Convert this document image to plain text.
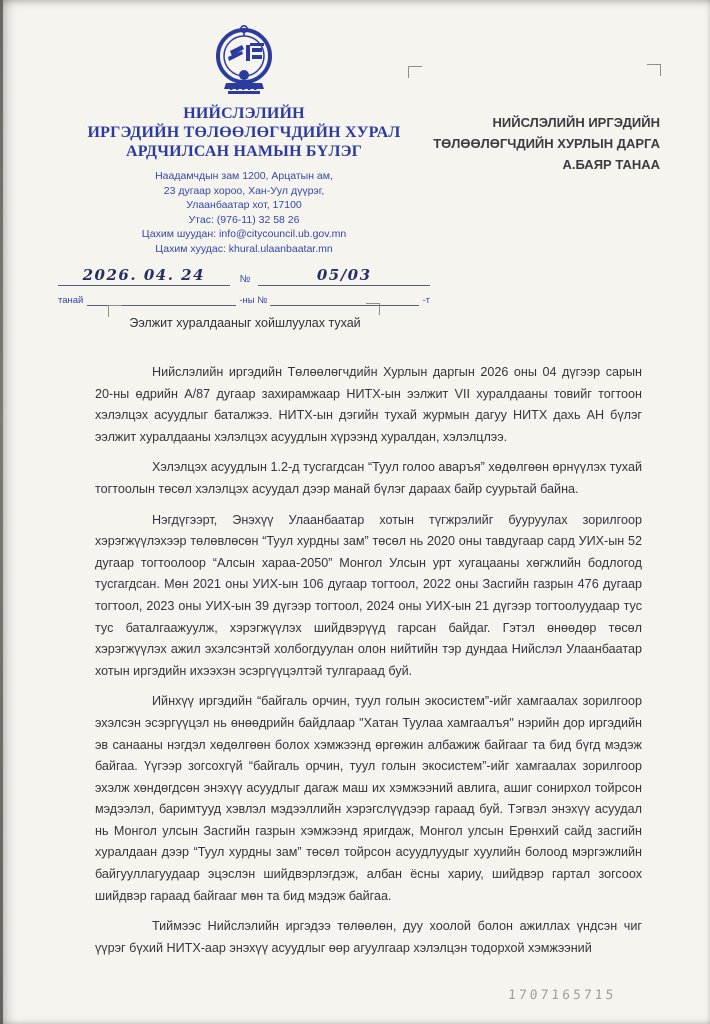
НИЙСЛЭЛИЙН
ИРГЭДИЙН ТӨЛӨӨЛӨГЧДИЙН ХУРАЛ
АРДЧИЛСАН НАМЫН БҮЛЭГ
Наадамчдын зам 1200, Арцатын ам,
23 дугаар хороо, Хан-Уул дүүрэг,
Улаанбаатар хот, 17100
Утас: (976-11) 32 58 26
Цахим шуудан: info@citycouncil.ub.gov.mn
Цахим хуудас: khural.ulaanbaatar.mn
2026. 04. 24	№	05/03
танай	-ны №	-т
НИЙСЛЭЛИЙН ИРГЭДИЙН
ТӨЛӨӨЛӨГЧДИЙН ХУРЛЫН ДАРГА
А.БАЯР ТАНАА
Ээлжит хуралдааныг хойшлуулах тухай

Нийслэлийн иргэдийн Төлөөлөгчдийн Хурлын даргын 2026 оны 04 дүгээр сарын 20-ны өдрийн А/87 дугаар захирамжаар НИТХ-ын ээлжит VII хуралдааны товийг тогтоон хэлэлцэх асуудлыг баталжээ. НИТХ-ын дэгийн тухай журмын дагуу НИТХ дахь АН бүлэг ээлжит хуралдааны хэлэлцэх асуудлын хүрээнд хуралдан, хэлэлцлээ.

Хэлэлцэх асуудлын 1.2-д тусгагдсан “Туул голоо аваръя” хөдөлгөөн өрнүүлэх тухай тогтоолын төсөл хэлэлцэх асуудал дээр манай бүлэг дараах байр суурьтай байна.

Нэгдүгээрт, Энэхүү Улаанбаатар хотын түгжрэлийг бууруулах зорилгоор хэрэгжүүлэхээр төлөвлөсөн “Туул хурдны зам” төсөл нь 2020 оны тавдугаар сард УИХ-ын 52 дугаар тогтоолоор “Алсын хараа-2050” Монгол Улсын урт хугацааны хөгжлийн бодлогод тусгагдсан. Мөн 2021 оны УИХ-ын 106 дугаар тогтоол, 2022 оны Засгийн газрын 476 дугаар тогтоол, 2023 оны УИХ-ын 39 дүгээр тогтоол, 2024 оны УИХ-ын 21 дүгээр тогтоолуудаар тус тус баталгаажуулж, хэрэгжүүлэх шийдвэрүүд гарсан байдаг. Гэтэл өнөөдөр төсөл хэрэгжүүлэх ажил эхэлсэнтэй холбогдуулан олон нийтийн тэр дундаа Нийслэл Улаанбаатар хотын иргэдийн ихээхэн эсэргүүцэлтэй тулгараад буй.

Ийнхүү иргэдийн “байгаль орчин, туул голын экосистем”-ийг хамгаалах зорилгоор эхэлсэн эсэргүүцэл нь өнөөдрийн байдлаар "Хатан Туулаа хамгаалъя" нэрийн дор иргэдийн эв санааны нэгдэл хөдөлгөөн болох хэмжээнд өргөжин албажиж байгааг та бид бүгд мэдэж байгаа. Үүгээр зогсохгүй “байгаль орчин, туул голын экосистем”-ийг хамгаалах зорилгоор эхэлж хөндөгдсөн энэхүү асуудлыг дагаж маш их хэмжээний авлига, ашиг сонирхол тойрсон мэдээлэл, баримтууд хэвлэл мэдээллийн хэрэгслүүдээр гараад буй. Тэгвэл энэхүү асуудал нь Монгол улсын Засгийн газрын хэмжээнд яригдаж, Монгол улсын Ерөнхий сайд засгийн хуралдаан дээр “Туул хурдны зам” төсөл тойрсон асуудлуудыг хуулийн болоод мэргэжлийн байгууллагуудаар эцэслэн шийдвэрлэгдэж, албан ёсны хариу, шийдвэр гартал зогсоох шийдвэр гараад байгааг мөн та бид мэдэж байгаа.

Тиймээс Нийслэлийн иргэдээ төлөөлөн, дуу хоолой болон ажиллах үндсэн чиг үүрэг бүхий НИТХ-аар энэхүү асуудлыг өөр агуулгаар хэлэлцэн тодорхой хэмжээний

1707165715
